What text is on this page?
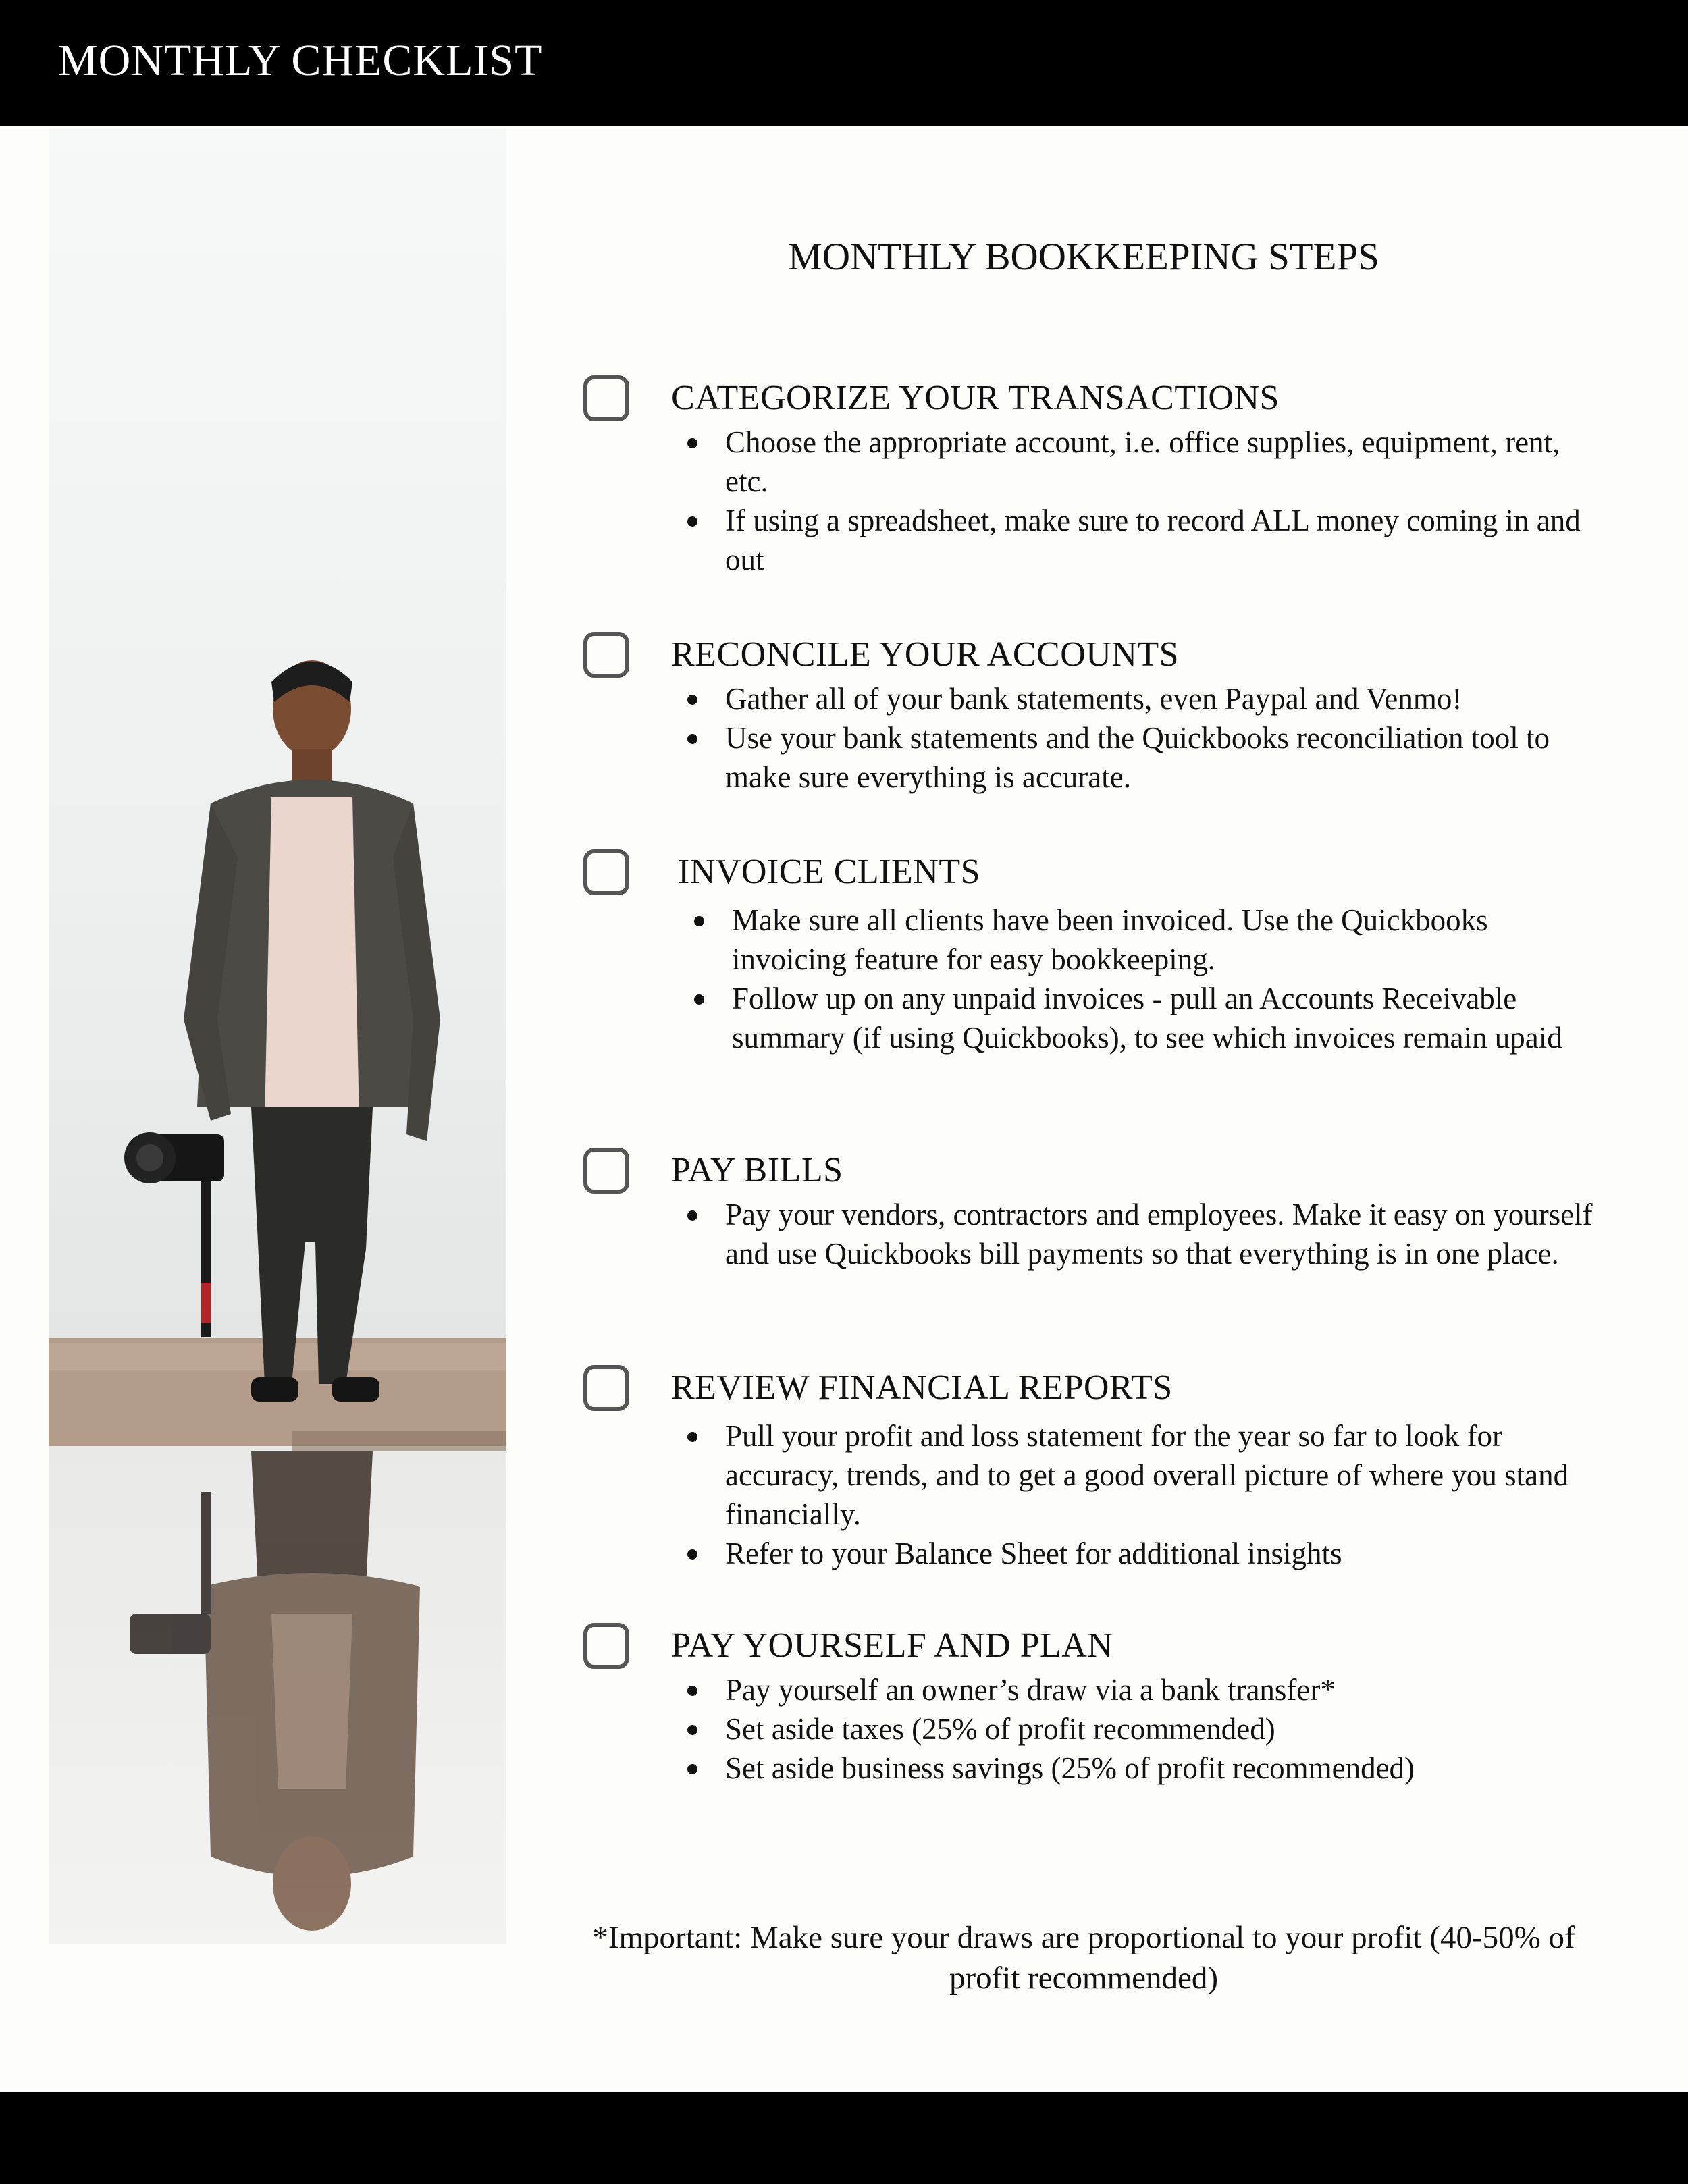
MONTHLY CHECKLIST
MONTHLY BOOKKEEPING STEPS
CATEGORIZE YOUR TRANSACTIONS
Choose the appropriate account, i.e. office supplies, equipment, rent, etc.
If using a spreadsheet, make sure to record ALL money coming in and out
RECONCILE YOUR ACCOUNTS
Gather all of your bank statements, even Paypal and Venmo!
Use your bank statements and the Quickbooks reconciliation tool to make sure everything is accurate.
INVOICE CLIENTS
Make sure all clients have been invoiced. Use the Quickbooks invoicing feature for easy bookkeeping.
Follow up on any unpaid invoices - pull an Accounts Receivable summary (if using Quickbooks), to see which invoices remain upaid
PAY BILLS
Pay your vendors, contractors and employees. Make it easy on yourself and use Quickbooks bill payments so that everything is in one place.
REVIEW FINANCIAL REPORTS
Pull your profit and loss statement for the year so far to look for accuracy, trends, and to get a good overall picture of where you stand financially.
Refer to your Balance Sheet for additional insights
PAY YOURSELF AND PLAN
Pay yourself an owner’s draw via a bank transfer*
Set aside taxes (25% of profit recommended)
Set aside business savings (25% of profit recommended)
*Important: Make sure your draws are proportional to your profit (40-50% of profit recommended)
